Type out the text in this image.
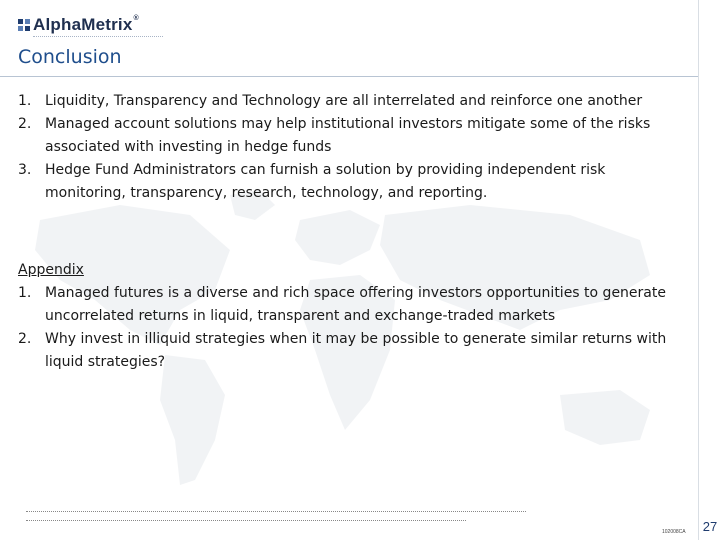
AlphaMetrix®
Conclusion
1. Liquidity, Transparency and Technology are all interrelated and reinforce one another
2. Managed account solutions may help institutional investors mitigate some of the risks associated with investing in hedge funds
3. Hedge Fund Administrators can furnish a solution by providing independent risk monitoring, transparency, research, technology, and reporting.
Appendix
1. Managed futures is a diverse and rich space offering investors opportunities to generate uncorrelated returns in liquid, transparent and exchange-traded markets
2. Why invest in illiquid strategies when it may be possible to generate similar returns with liquid strategies?
102008CA 27
